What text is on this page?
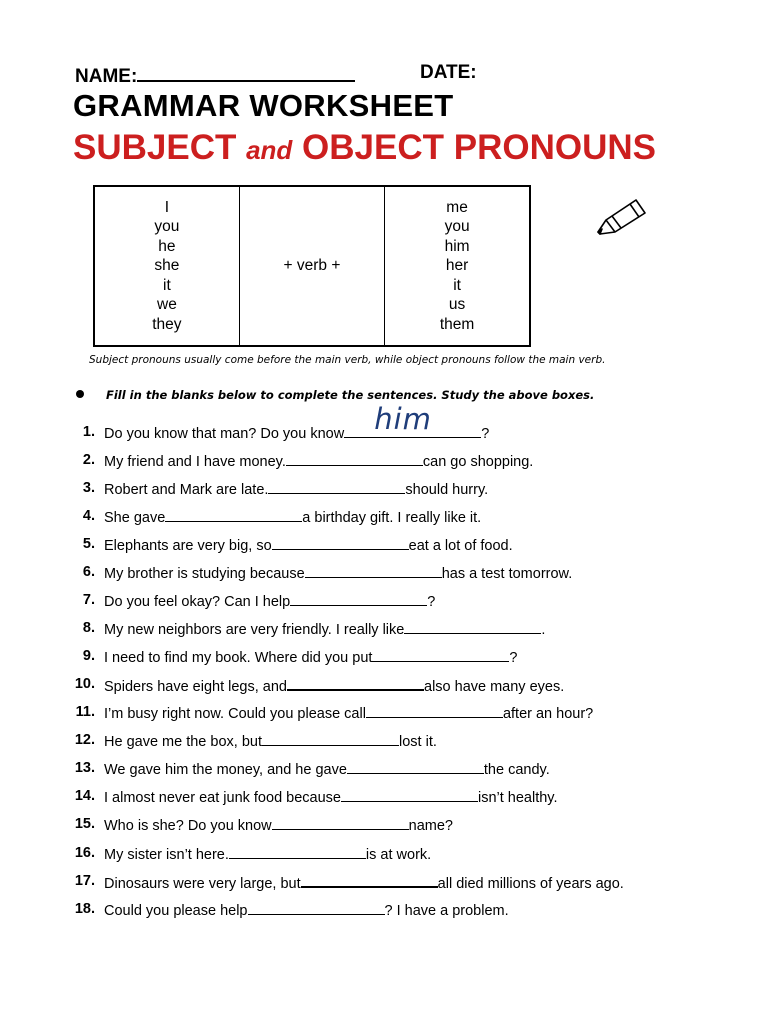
NAME:	DATE:
GRAMMAR WORKSHEET
SUBJECT and OBJECT PRONOUNS
I
you
he
she
it
we
they

+ verb +

me
you
him
her
it
us
them
Subject pronouns usually come before the main verb, while object pronouns follow the main verb.
Fill in the blanks below to complete the sentences. Study the above boxes.
1. Do you know that man? Do you know him	?
2. My friend and I have money.	can go shopping.
3. Robert and Mark are late.	should hurry.
4. She gave	a birthday gift. I really like it.
5. Elephants are very big, so	eat a lot of food.
6. My brother is studying because	has a test tomorrow.
7. Do you feel okay? Can I help	?
8. My new neighbors are very friendly. I really like	.
9. I need to find my book. Where did you put	?
10. Spiders have eight legs, and	also have many eyes.
11. I’m busy right now. Could you please call	after an hour?
12. He gave me the box, but	lost it.
13. We gave him the money, and he gave	the candy.
14. I almost never eat junk food because	isn’t healthy.
15. Who is she? Do you know	name?
16. My sister isn’t here.	is at work.
17. Dinosaurs were very large, but	all died millions of years ago.
18. Could you please help	? I have a problem.
